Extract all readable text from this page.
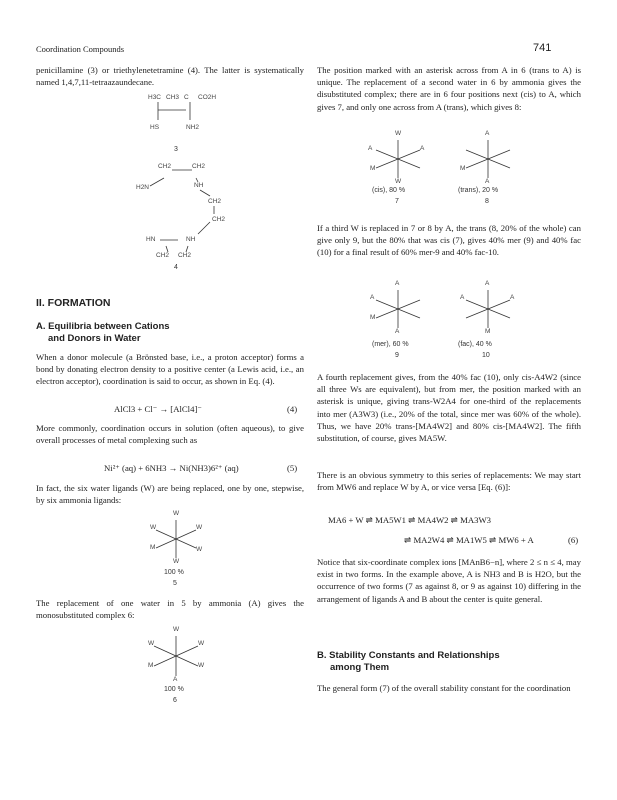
Coordination Compounds	741

penicillamine (3) or triethylenetetramine (4). The latter is systematically named 1,4,7,11-tetraazaundecane.

H3C CH3 C CO2H
HS	NH2
3
CH2	CH2
H2N	NH
CH2
CH2
HN	NH
CH2 CH2
4
II. FORMATION
A. Equilibria between Cations
and Donors in Water

When a donor molecule (a Brönsted base, i.e., a proton acceptor) forms a bond by donating electron density to a positive center (a Lewis acid, i.e., an electron acceptor), coordination is said to occur, as shown in Eq. (4).

AlCl3 + Cl⁻ → [AlCl4]⁻	(4)

More commonly, coordination occurs in solution (often aqueous), to give overall processes of metal complexing such as

Ni²⁺ (aq) + 6NH3 → Ni(NH3)6²⁺ (aq)	(5)

In fact, the six water ligands (W) are being replaced, one by one, stepwise, by six ammonia ligands:

W
W	W
M	W
W
100 %
5

The replacement of one water in 5 by ammonia (A) gives the monosubstituted complex 6:

W
W	W
M	W
A
100 %
6

The position marked with an asterisk across from A in 6 (trans to A) is unique. The replacement of a second water in 6 by ammonia gives the disubstituted complex; there are in 6 four positions next (cis) to A, which gives 7, and only one across from A (trans), which gives 8:

W
A	A
M
W
A
M
A
(cis), 80 %
7
(trans), 20 %
8

If a third W is replaced in 7 or 8 by A, the trans (8, 20% of the whole) can give only 9, but the 80% that was cis (7), gives 40% mer (9) and 40% fac (10) for a final result of 60% mer-9 and 40% fac-10.

A
A
M
A
A
A	A
M
(mer), 60 %
9
(fac), 40 %
10

A fourth replacement gives, from the 40% fac (10), only cis-A4W2 (since all three Ws are equivalent), but from mer, the position marked with an asterisk is unique, giving trans-W2A4 for one-third of the replacements into mer (A3W3) (i.e., 20% of the total, since mer was 60% of the whole). Thus, we have 20% trans-[MA4W2] and 80% cis-[MA4W2]. The fifth substitution, of course, gives MA5W.

There is an obvious symmetry to this series of replacements: We may start from MW6 and replace W by A, or vice versa [Eq. (6)]:

MA6 + W ⇌ MA5W1 ⇌ MA4W2 ⇌ MA3W3
⇌ MA2W4 ⇌ MA1W5 ⇌ MW6 + A	(6)

Notice that six-coordinate complex ions [MAnB6−n], where 2 ≤ n ≤ 4, may exist in two forms. In the example above, A is NH3 and B is H2O, but the occurrence of two forms (7 as against 8, or 9 as against 10) differing in the arrangement of ligands A and B about the center is quite general.

B. Stability Constants and Relationships
among Them

The general form (7) of the overall stability constant for the coordination
